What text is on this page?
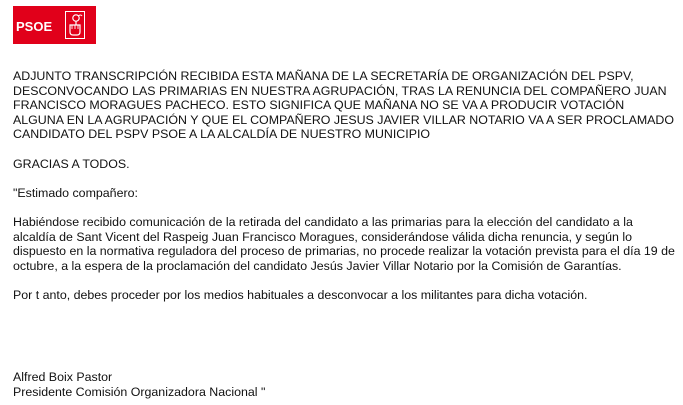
PSOE

ADJUNTO TRANSCRIPCIÓN RECIBIDA ESTA MAÑANA DE LA SECRETARÍA DE ORGANIZACIÓN DEL PSPV, DESCONVOCANDO LAS PRIMARIAS EN NUESTRA AGRUPACIÓN, TRAS LA RENUNCIA DEL COMPAÑERO JUAN FRANCISCO MORAGUES PACHECO. ESTO SIGNIFICA QUE MAÑANA NO SE VA A PRODUCIR VOTACIÓN ALGUNA EN LA AGRUPACIÓN Y QUE EL COMPAÑERO JESUS JAVIER VILLAR NOTARIO VA A SER PROCLAMADO CANDIDATO DEL PSPV PSOE A LA ALCALDÍA DE NUESTRO MUNICIPIO

GRACIAS A TODOS.

"Estimado compañero:

Habiéndose recibido comunicación de la retirada del candidato a las primarias para la elección del candidato a la alcaldía de Sant Vicent del Raspeig Juan Francisco Moragues, considerándose válida dicha renuncia, y según lo dispuesto en la normativa reguladora del proceso de primarias, no procede realizar la votación prevista para el día 19 de octubre, a la espera de la proclamación del candidato Jesús Javier Villar Notario por la Comisión de Garantías.

Por t anto, debes proceder por los medios habituales a desconvocar a los militantes para dicha votación.

Alfred Boix Pastor
Presidente Comisión Organizadora Nacional "
